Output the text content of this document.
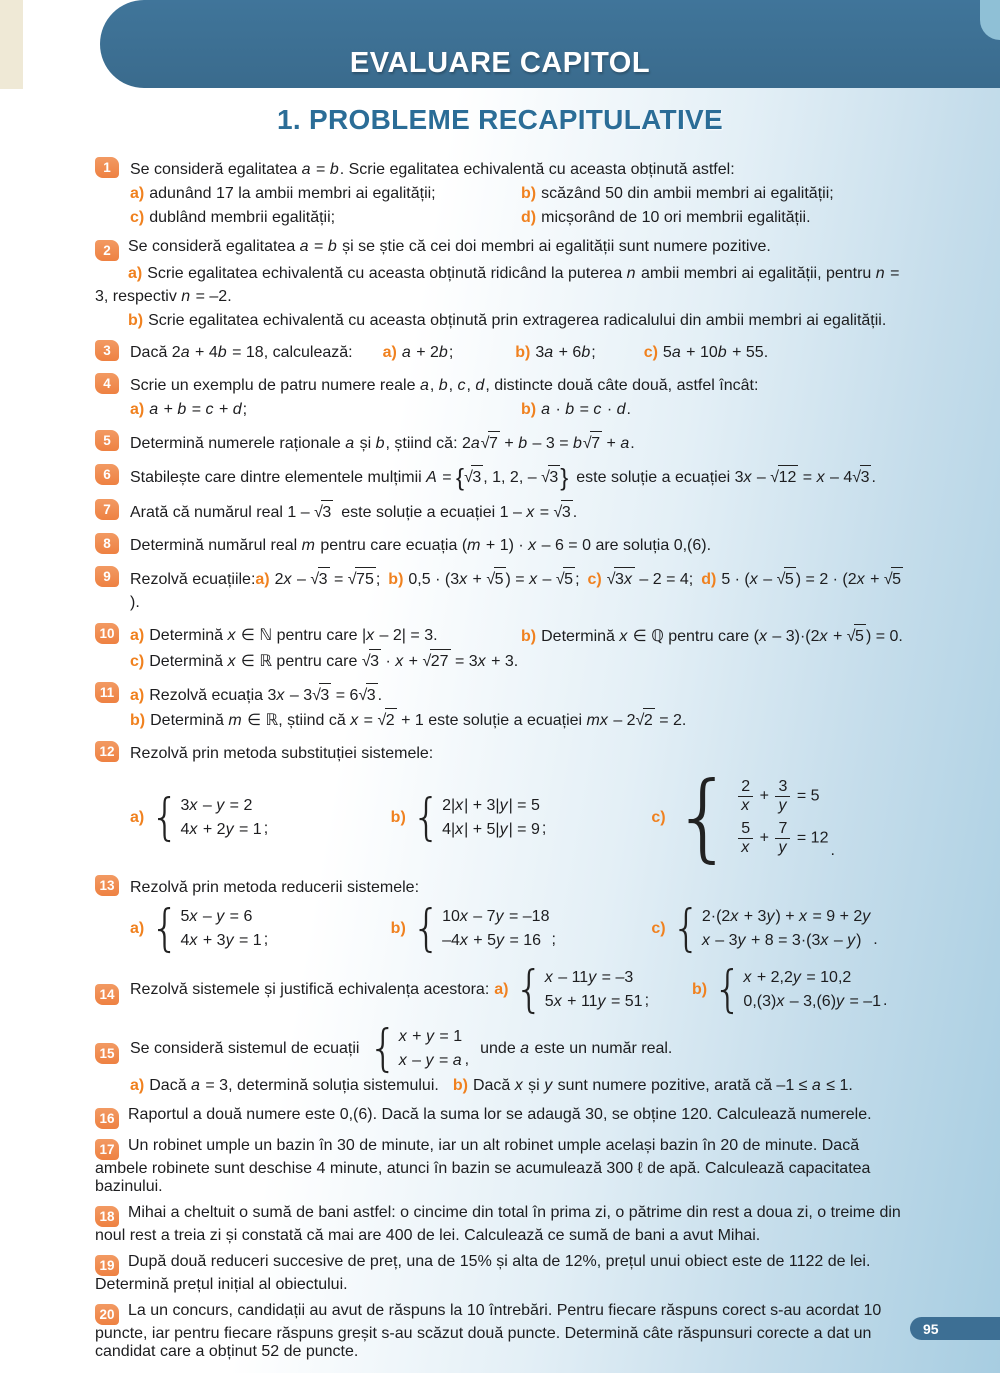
EVALUARE CAPITOL
1. PROBLEME RECAPITULATIVE
1	Se consideră egalitatea a = b. Scrie egalitatea echivalentă cu aceasta obținută astfel:
a) adunând 17 la ambii membri ai egalității;	b) scăzând 50 din ambii membri ai egalității;
c) dublând membrii egalității;	d) micșorând de 10 ori membrii egalității.
2 Se consideră egalitatea a = b și se știe că cei doi membri ai egalității sunt numere pozitive.
a) Scrie egalitatea echivalentă cu aceasta obținută ridicând la puterea n ambii membri ai egalității, pentru n = 3, respectiv n = –2.
b) Scrie egalitatea echivalentă cu aceasta obținută prin extragerea radicalului din ambii membri ai egalității.
3	Dacă 2a + 4b = 18, calculează: a) a + 2b;	b) 3a + 6b;	c) 5a + 10b + 55.
4	Scrie un exemplu de patru numere reale a, b, c, d, distincte două câte două, astfel încât:
a) a + b = c + d;	b) a · b = c · d.
5	Determină numerele raționale a și b, știind că: 2a√7 + b – 3 = b√7 + a.
6	Stabilește care dintre elementele mulțimii A = {√3 , 1, 2, – √3} este soluție a ecuației 3x – √12 = x – 4√3 .
7	Arată că numărul real 1 – √3 este soluție a ecuației 1 – x = √3 .
8	Determină numărul real m pentru care ecuația (m + 1) · x – 6 = 0 are soluția 0,(6).
9	Rezolvă ecuațiile:a) 2x – √3 = √75 ; b) 0,5 · (3x + √5 ) = x – √5 ; c) √3x – 2 = 4; d) 5 · (x – √5 ) = 2 · (2x + √5).
10 a) Determină x ∈ ℕ pentru care |x – 2| = 3.	b) Determină x ∈ ℚ pentru care (x – 3)·(2x + √5 ) = 0.
c) Determină x ∈ ℝ pentru care √3 · x + √27 = 3x + 3.
11 a) Rezolvă ecuația 3x – 3√3 = 6√3 .
b) Determină m ∈ ℝ, știind că x = √2 + 1 este soluție a ecuației mx – 2√2 = 2.
12 Rezolvă prin metoda substituției sistemele:
a) { 3x – y = 2
4x + 2y = 1 ;
b) { 2|x| + 3|y| = 5
4|x| + 5|y| = 9 ;
c) { $\frac{2}{x} + \frac{3}{y} = 5$
$\frac{5}{x} + \frac{7}{y} = 12$
.
13 Rezolvă prin metoda reducerii sistemele:
a) { 5x – y = 6
4x + 3y = 1 ;
b) { 10x – 7y = –18
–4x + 5y = 16 ;
c) { 2·(2x + 3y) + x = 9 + 2y
x – 3y + 8 = 3·(3x – y) .
14 Rezolvă sistemele și justifică echivalența acestora: a) { x – 11y = –3
5x + 11y = 51 ;
b) { x + 2,2y = 10,2
0,(3)x – 3,(6)y = –1 .
15 Se consideră sistemul de ecuații { x + y = 1
x – y = a ,
unde a este un număr real.
a) Dacă a = 3, determină soluția sistemului. b) Dacă x și y sunt numere pozitive, arată că –1 ≤ a ≤ 1.
16 Raportul a două numere este 0,(6). Dacă la suma lor se adaugă 30, se obține 120. Calculează numerele.
17 Un robinet umple un bazin în 30 de minute, iar un alt robinet umple același bazin în 20 de minute. Dacă ambele robinete sunt deschise 4 minute, atunci în bazin se acumulează 300 ℓ de apă. Calculează capacitatea bazinului.
18 Mihai a cheltuit o sumă de bani astfel: o cincime din total în prima zi, o pătrime din rest a doua zi, o treime din noul rest a treia zi și constată că mai are 400 de lei. Calculează ce sumă de bani a avut Mihai.
19 După două reduceri succesive de preț, una de 15% și alta de 12%, prețul unui obiect este de 1122 de lei. Determină prețul inițial al obiectului.
20 La un concurs, candidații au avut de răspuns la 10 întrebări. Pentru fiecare răspuns corect s-au acordat 10 puncte, iar pentru fiecare răspuns greșit s-au scăzut două puncte. Determină câte răspunsuri corecte a dat un candidat care a obținut 52 de puncte.
95
